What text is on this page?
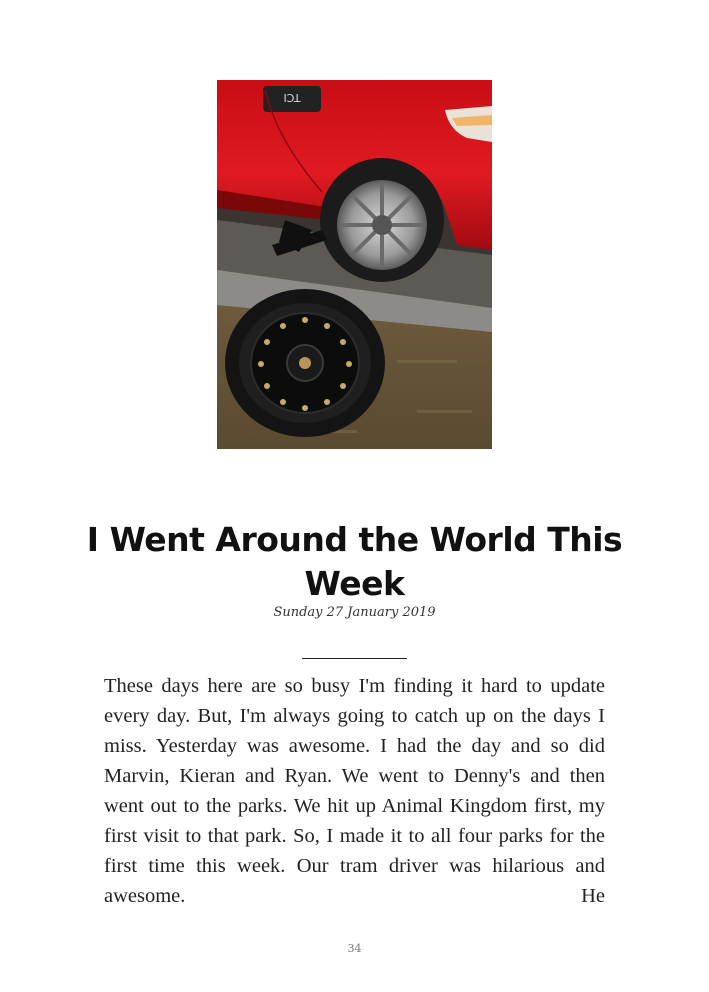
TCI
I Went Around the World This Week
Sunday 27 January 2019

These days here are so busy I'm finding it hard to update every day. But, I'm always going to catch up on the days I miss. Yesterday was awesome. I had the day and so did Marvin, Kieran and Ryan. We went to Denny's and then went out to the parks. We hit up Animal Kingdom first, my first visit to that park. So, I made it to all four parks for the first time this week. Our tram driver was hilarious and awesome. He

34
